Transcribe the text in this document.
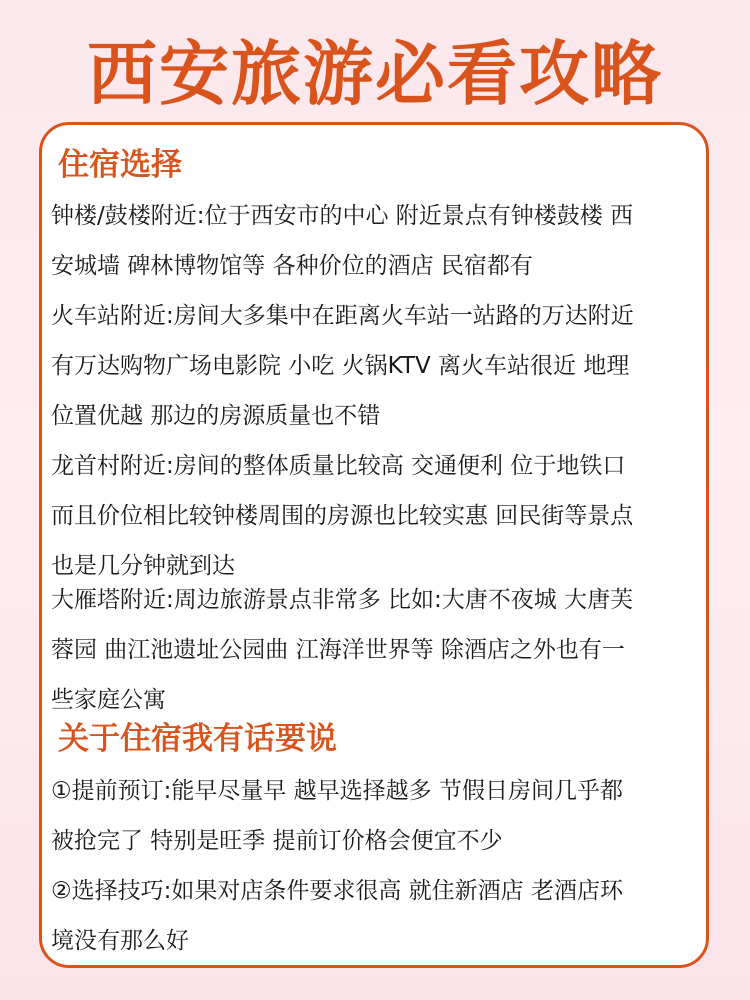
西安旅游必看攻略
住宿选择

钟楼/鼓楼附近:位于西安市的中心 附近景点有钟楼鼓楼 西
安城墙 碑林博物馆等 各种价位的酒店 民宿都有

火车站附近:房间大多集中在距离火车站一站路的万达附近
有万达购物广场电影院 小吃 火锅KTV 离火车站很近 地理
位置优越 那边的房源质量也不错

龙首村附近:房间的整体质量比较高 交通便利 位于地铁口
而且价位相比较钟楼周围的房源也比较实惠 回民街等景点
也是几分钟就到达

大雁塔附近:周边旅游景点非常多 比如:大唐不夜城 大唐芙
蓉园 曲江池遗址公园曲 江海洋世界等 除酒店之外也有一
些家庭公寓

关于住宿我有话要说

①提前预订:能早尽量早 越早选择越多 节假日房间几乎都
被抢完了 特别是旺季 提前订价格会便宜不少

②选择技巧:如果对店条件要求很高 就住新酒店 老酒店环
境没有那么好
